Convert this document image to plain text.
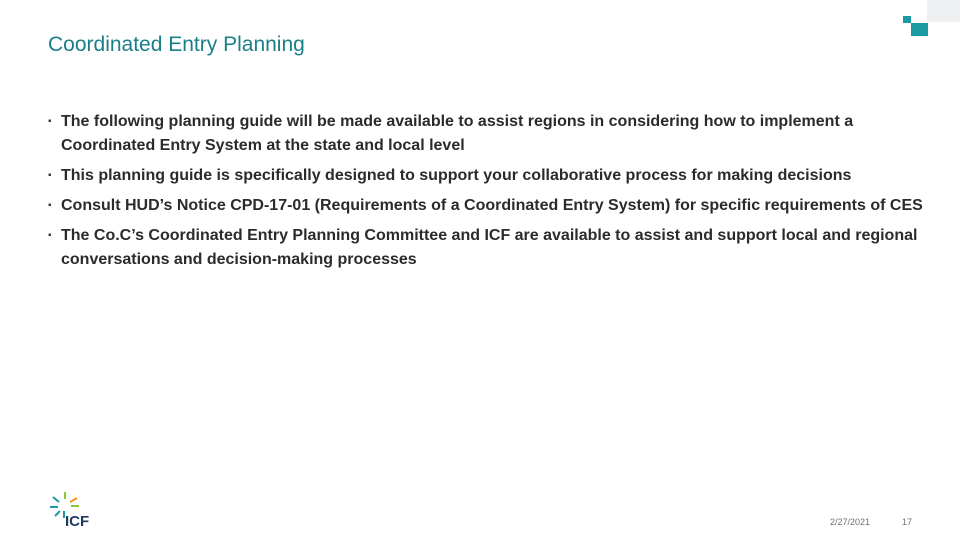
Coordinated Entry Planning
▪ The following planning guide will be made available to assist regions in considering how to implement a Coordinated Entry System at the state and local level
▪ This planning guide is specifically designed to support your collaborative process for making decisions
▪ Consult HUD’s Notice CPD-17-01 (Requirements of a Coordinated Entry System) for specific requirements of CES
▪ The Co.C’s Coordinated Entry Planning Committee and ICF are available to assist and support local and regional conversations and decision-making processes
ICF	2/27/2021	17
